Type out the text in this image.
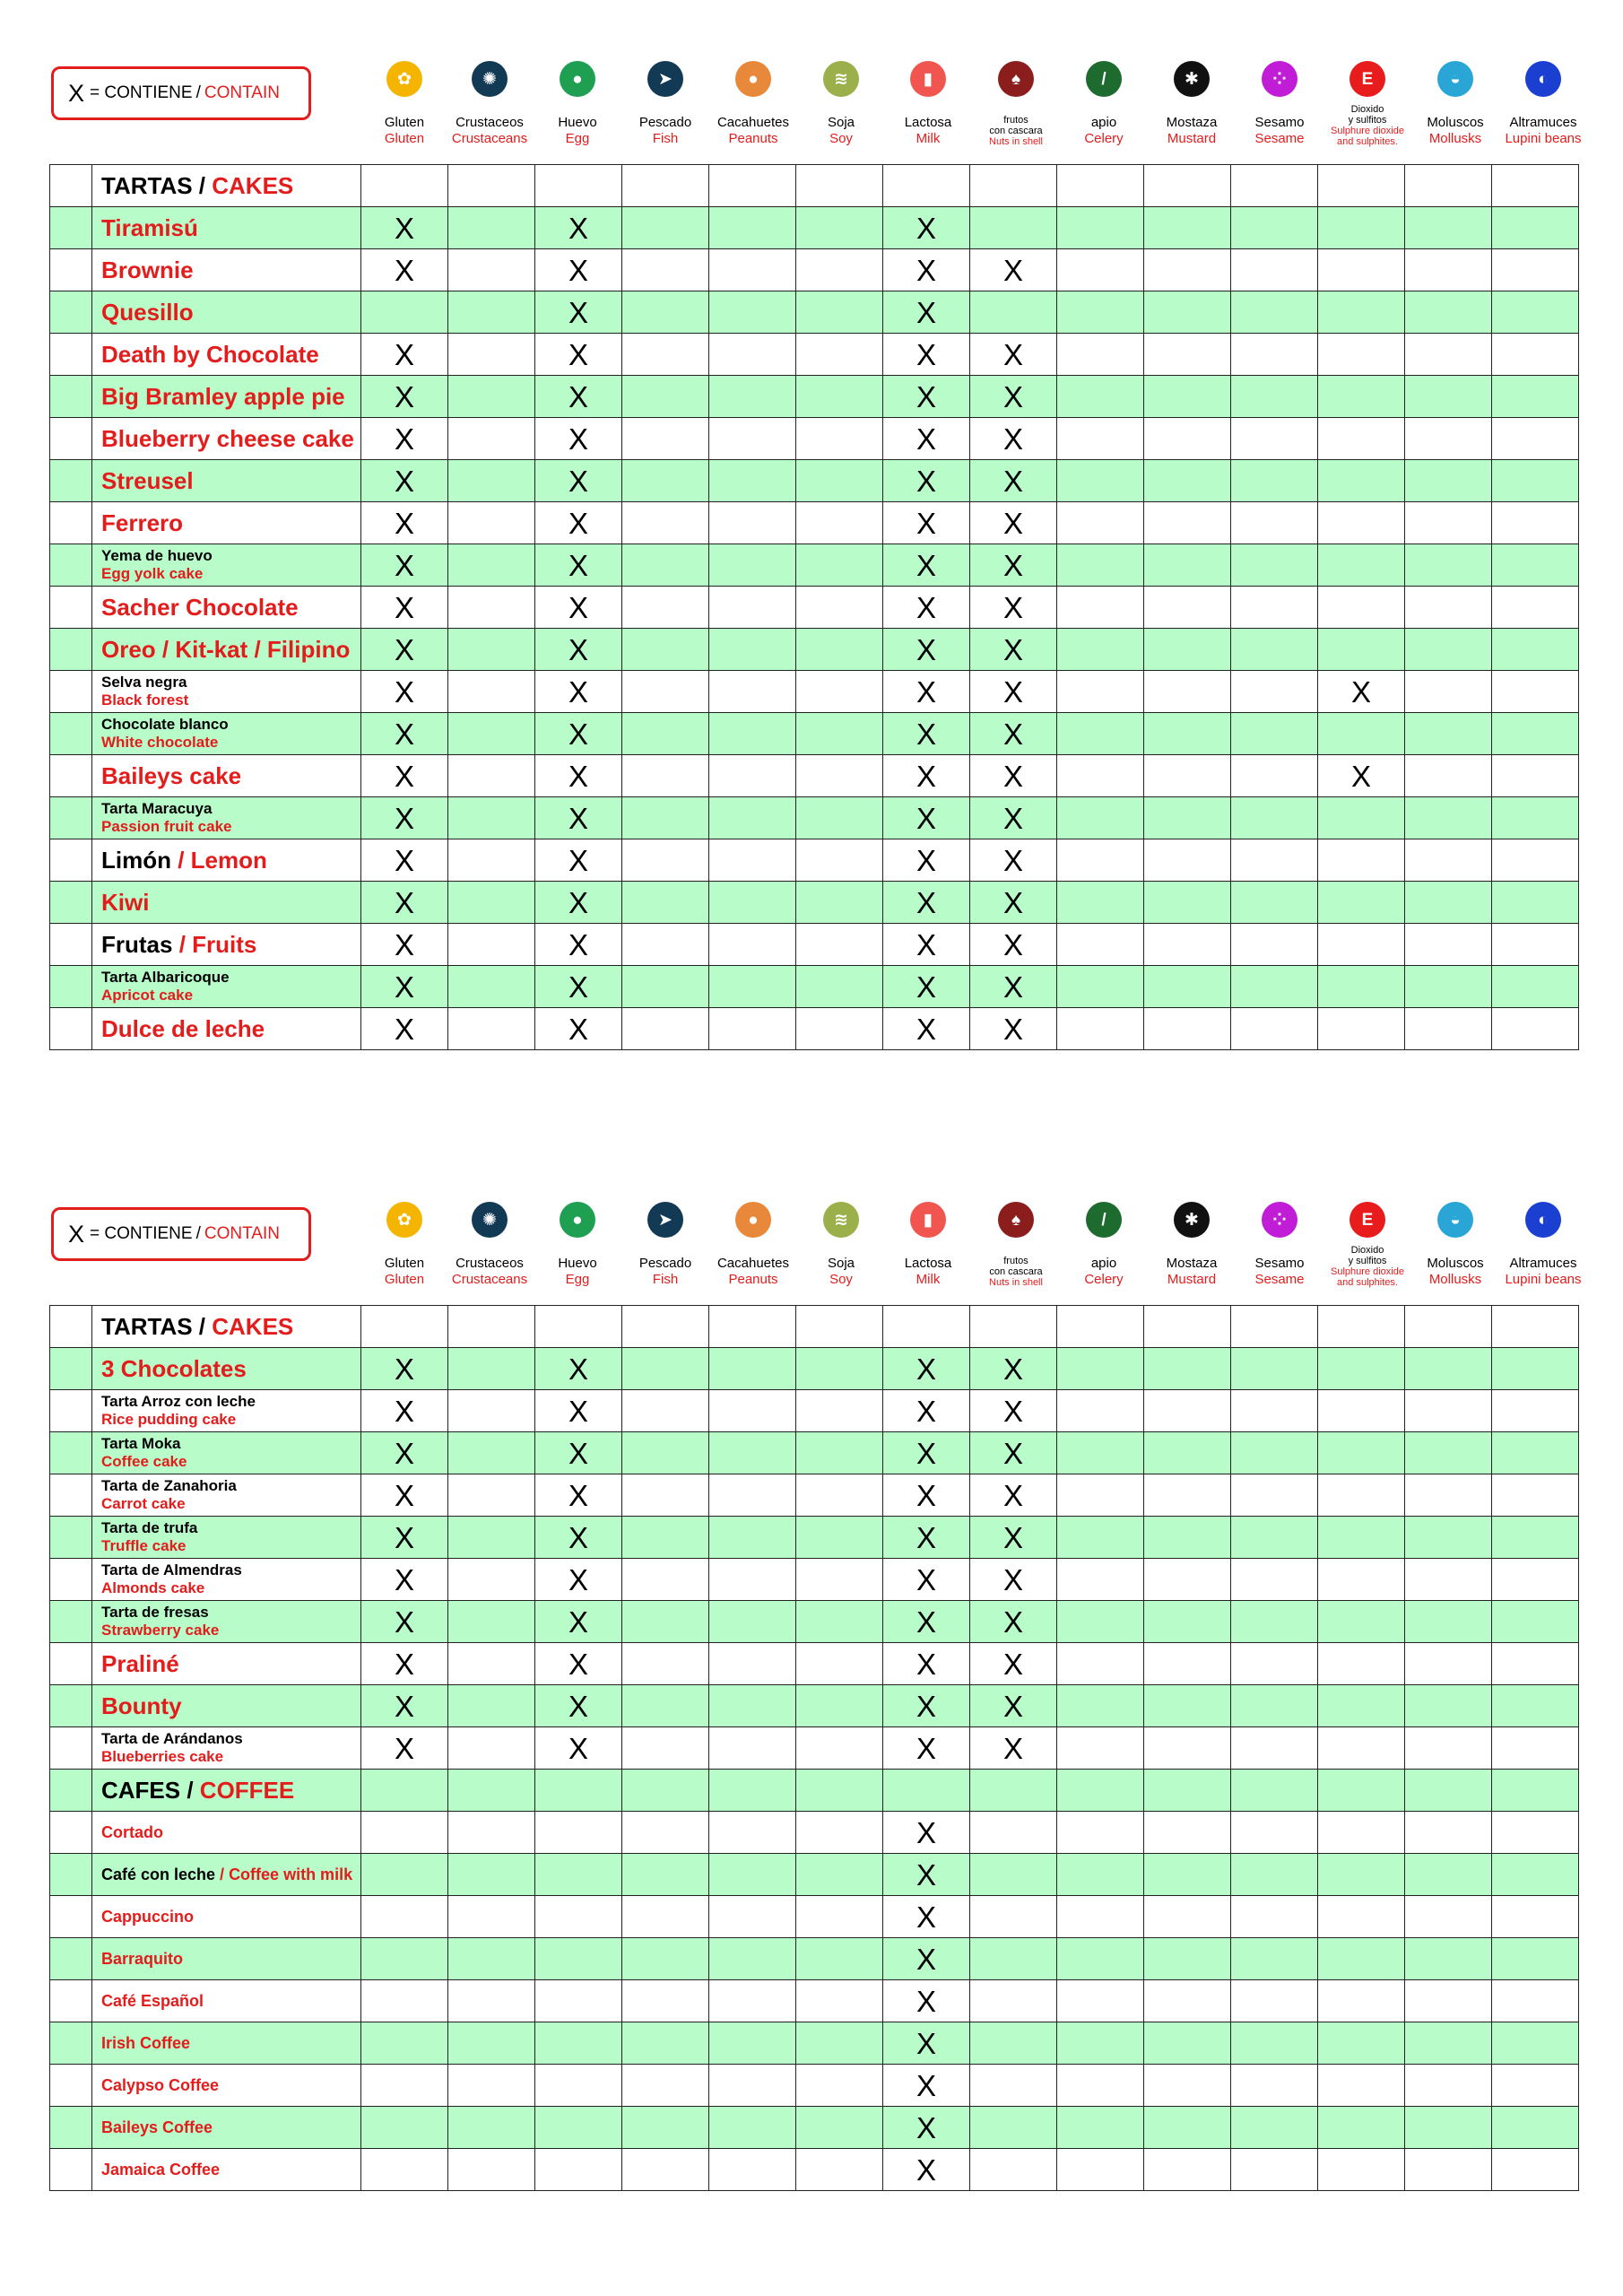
X = CONTIENE / CONTAIN
✿
Gluten
Gluten
✺
Crustaceos
Crustaceans
●
Huevo
Egg
➤
Pescado
Fish
●
Cacahuetes
Peanuts
≋
Soja
Soy
▮
Lactosa
Milk
♠
frutos
con cascara
Nuts in shell
/
apio
Celery
✱
Mostaza
Mustard
⁘
Sesamo
Sesame
E
Dioxido
y sulfitos
Sulphure dioxide
and sulphites.
◒
Moluscos
Mollusks
◐
Altramuces
Lupini beans
	TARTAS / CAKES														
	Tiramisú	X		X				X							
	Brownie	X		X				X	X						
	Quesillo			X				X							
	Death by Chocolate	X		X				X	X						
	Big Bramley apple pie	X		X				X	X						
	Blueberry cheese cake	X		X				X	X						
	Streusel	X		X				X	X						
	Ferrero	X		X				X	X						

	Yema de huevo
Egg yolk cake	X		X				X	X						
	Sacher Chocolate	X		X				X	X						
	Oreo / Kit-kat / Filipino	X		X				X	X						

	Selva negra
Black forest	X		X				X	X				X		

	Chocolate blanco
White chocolate	X		X				X	X						
	Baileys cake	X		X				X	X				X		

	Tarta Maracuya
Passion fruit cake	X		X				X	X						
	Limón / Lemon	X		X				X	X						
	Kiwi	X		X				X	X						
	Frutas / Fruits	X		X				X	X						

	Tarta Albaricoque
Apricot cake	X		X				X	X						
	Dulce de leche	X		X				X	X						
X = CONTIENE / CONTAIN
✿
Gluten
Gluten
✺
Crustaceos
Crustaceans
●
Huevo
Egg
➤
Pescado
Fish
●
Cacahuetes
Peanuts
≋
Soja
Soy
▮
Lactosa
Milk
♠
frutos
con cascara
Nuts in shell
/
apio
Celery
✱
Mostaza
Mustard
⁘
Sesamo
Sesame
E
Dioxido
y sulfitos
Sulphure dioxide
and sulphites.
◒
Moluscos
Mollusks
◐
Altramuces
Lupini beans
	TARTAS / CAKES														
	3 Chocolates	X		X				X	X						

	Tarta Arroz con leche
Rice pudding cake	X		X				X	X						

	Tarta Moka
Coffee cake	X		X				X	X						

	Tarta de Zanahoria
Carrot cake	X		X				X	X						

	Tarta de trufa
Truffle cake	X		X				X	X						

	Tarta de Almendras
Almonds cake	X		X				X	X						

	Tarta de fresas
Strawberry cake	X		X				X	X						
	Praliné	X		X				X	X						
	Bounty	X		X				X	X						

	Tarta de Arándanos
Blueberries cake	X		X				X	X						
	CAFES / COFFEE														
	Cortado							X							
	Café con leche / Coffee with milk							X							
	Cappuccino							X							
	Barraquito							X							
	Café Español							X							
	Irish Coffee							X							
	Calypso Coffee							X							
	Baileys Coffee							X							
	Jamaica Coffee							X							
